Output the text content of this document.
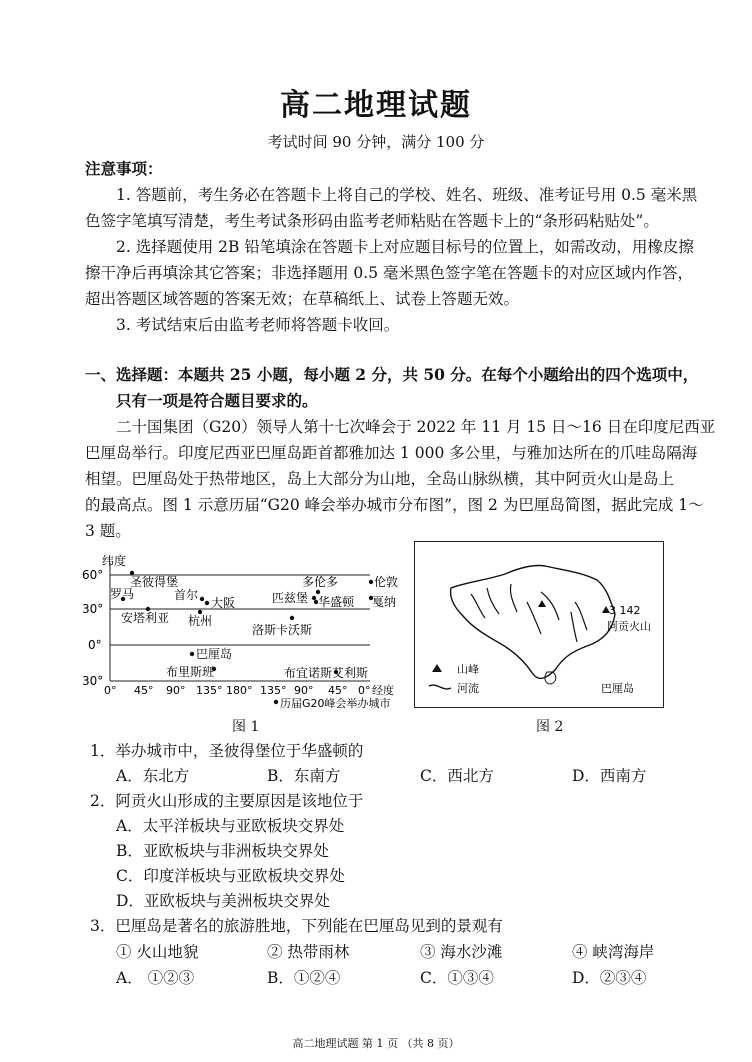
高二地理试题
考试时间 90 分钟，满分 100 分
注意事项：
1. 答题前，考生务必在答题卡上将自己的学校、姓名、班级、准考证号用 0.5 毫米黑
色签字笔填写清楚，考生考试条形码由监考老师粘贴在答题卡上的“条形码粘贴处”。
2. 选择题使用 2B 铅笔填涂在答题卡上对应题目标号的位置上，如需改动，用橡皮擦
擦干净后再填涂其它答案；非选择题用 0.5 毫米黑色签字笔在答题卡的对应区域内作答，
超出答题区域答题的答案无效；在草稿纸上、试卷上答题无效。
3. 考试结束后由监考老师将答题卡收回。
一、选择题：本题共 25 小题，每小题 2 分，共 50 分。在每个小题给出的四个选项中，
只有一项是符合题目要求的。
二十国集团（G20）领导人第十七次峰会于 2022 年 11 月 15 日～16 日在印度尼西亚
巴厘岛举行。印度尼西亚巴厘岛距首都雅加达 1 000 多公里，与雅加达所在的爪哇岛隔海
相望。巴厘岛处于热带地区，岛上大部分为山地，全岛山脉纵横，其中阿贡火山是岛上
的最高点。图 1 示意历届“G20 峰会举办城市分布图”，图 2 为巴厘岛简图，据此完成 1～
3 题。
纬度
60°
30°
0°
30°
0° 45° 90° 135° 180° 135° 90° 45° 0° 经度
圣彼得堡
罗马	首尔
大阪
安塔利亚 杭州
巴厘岛
布里斯班
多伦多
匹兹堡 华盛顿
伦敦
戛纳
洛斯卡沃斯
布宜诺斯艾利斯
历届G20峰会举办城市
图 1
3 142
阿贡火山
山峰
河流	巴厘岛
图 2
1．举办城市中，圣彼得堡位于华盛顿的
A．东北方	B．东南方	C．西北方	D．西南方
2．阿贡火山形成的主要原因是该地位于
A．太平洋板块与亚欧板块交界处
B．亚欧板块与非洲板块交界处
C．印度洋板块与亚欧板块交界处
D．亚欧板块与美洲板块交界处
3．巴厘岛是著名的旅游胜地，下列能在巴厘岛见到的景观有
① 火山地貌	② 热带雨林	③ 海水沙滩	④ 峡湾海岸
A． ①②③	B．①②④	C．①③④	D．②③④
高二地理试题 第 1 页 （共 8 页）
